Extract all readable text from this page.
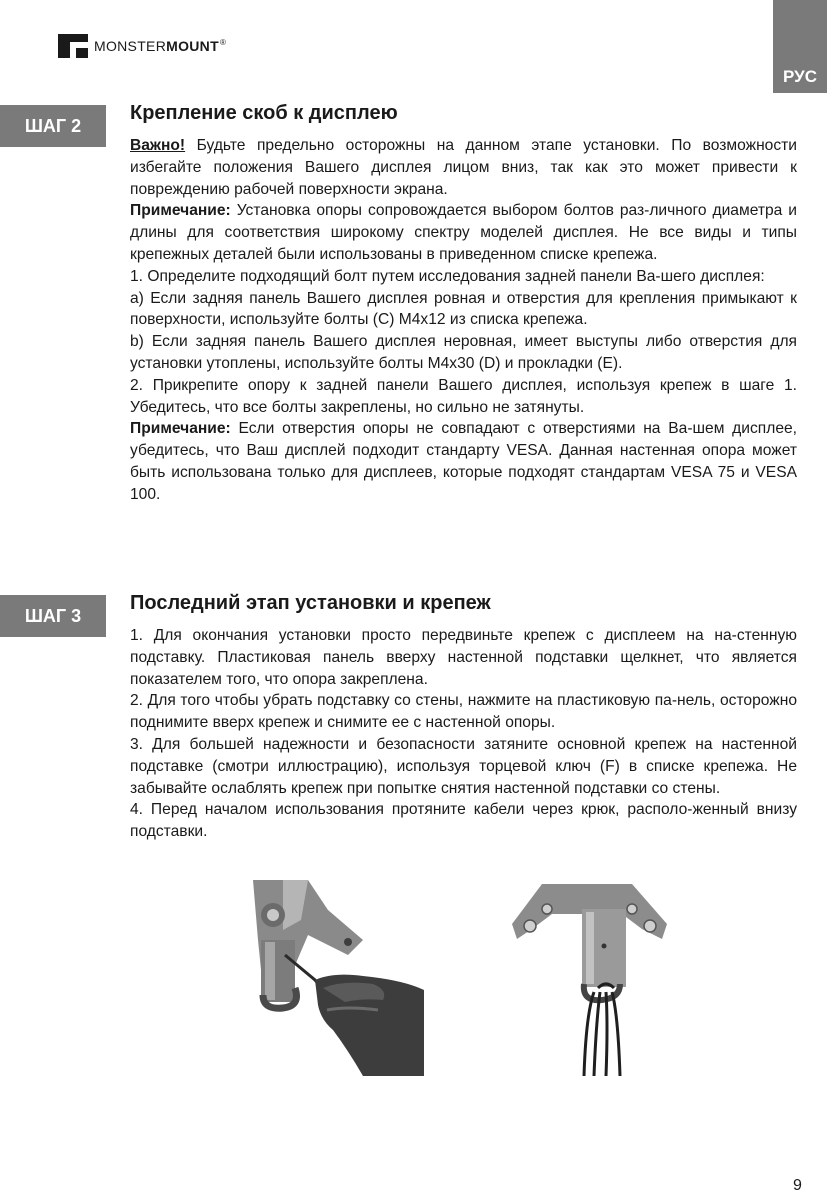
MONSTERMOUNT®
РУС
ШАГ 2
Крепление скоб к дисплею

Важно! Будьте предельно осторожны на данном этапе установки. По возможности избегайте положения Вашего дисплея лицом вниз, так как это может привести к повреждению рабочей поверхности экрана.

Примечание: Установка опоры сопровождается выбором болтов раз-личного диаметра и длины для соответствия широкому спектру моделей дисплея. Не все виды и типы крепежных деталей были использованы в приведенном списке крепежа.

1. Определите подходящий болт путем исследования задней панели Ва-шего дисплея:

a) Если задняя панель Вашего дисплея ровная и отверстия для крепления примыкают к поверхности, используйте болты (C) M4x12 из списка крепежа.

b) Если задняя панель Вашего дисплея неровная, имеет выступы либо отверстия для установки утоплены, используйте болты M4x30 (D) и прокладки (E).

2. Прикрепите опору к задней панели Вашего дисплея, используя крепеж в шаге 1. Убедитесь, что все болты закреплены, но сильно не затянуты.

Примечание: Если отверстия опоры не совпадают с отверстиями на Ва-шем дисплее, убедитесь, что Ваш дисплей подходит стандарту VESA. Данная настенная опора может быть использована только для дисплеев, которые подходят стандартам VESA 75 и VESA 100.

ШАГ 3
Последний этап установки и крепеж

1. Для окончания установки просто передвиньте крепеж с дисплеем на на-стенную подставку. Пластиковая панель вверху настенной подставки щелкнет, что является показателем того, что опора закреплена.

2. Для того чтобы убрать подставку со стены, нажмите на пластиковую па-нель, осторожно поднимите вверх крепеж и снимите ее с настенной опоры.

3. Для большей надежности и безопасности затяните основной крепеж на настенной подставке (смотри иллюстрацию), используя торцевой ключ (F) в списке крепежа. Не забывайте ослаблять крепеж при попытке снятия настенной подставки со стены.

4. Перед началом использования протяните кабели через крюк, располо-женный внизу подставки.

9
